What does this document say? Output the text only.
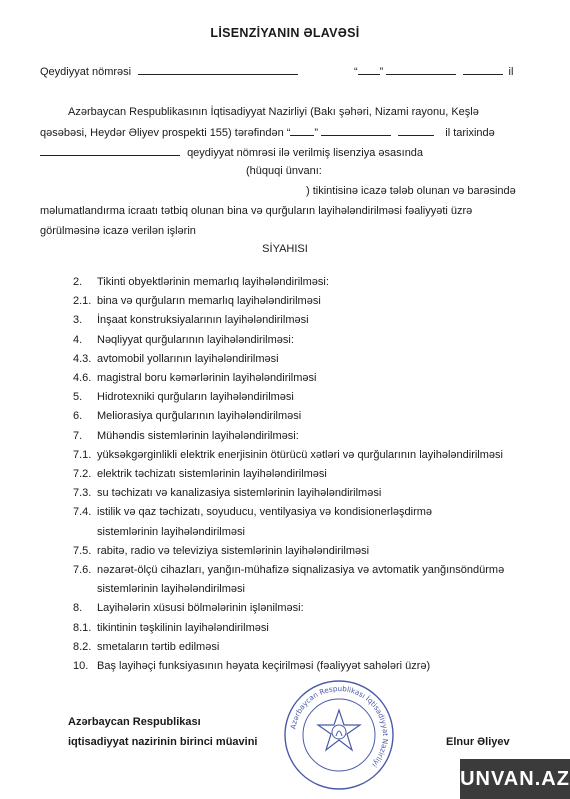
LİSENZİYANIN ƏLAVƏSİ
Qeydiyyat nömrəsi	“ ”	il
Azərbaycan Respublikasının İqtisadiyyat Nazirliyi (Bakı şəhəri, Nizami rayonu, Keşlə
qəsəbəsi, Heydər Əliyev prospekti 155) tərəfindən “ ”	il tarixində
qeydiyyat nömrəsi ilə verilmiş lisenziya əsasında
(hüquqi ünvanı:
) tikintisinə icazə tələb olunan və barəsində
məlumatlandırma icraatı tətbiq olunan bina və qurğuların layihələndirilməsi fəaliyyəti üzrə
görülməsinə icazə verilən işlərin
SİYAHISI
2. Tikinti obyektlərinin memarlıq layihələndirilməsi:
2.1. bina və qurğuların memarlıq layihələndirilməsi
3. İnşaat konstruksiyalarının layihələndirilməsi
4. Nəqliyyat qurğularının layihələndirilməsi:
4.3. avtomobil yollarının layihələndirilməsi
4.6. magistral boru kəmərlərinin layihələndirilməsi
5. Hidrotexniki qurğuların layihələndirilməsi
6. Meliorasiya qurğularının layihələndirilməsi
7. Mühəndis sistemlərinin layihələndirilməsi:
7.1. yüksəkgərginlikli elektrik enerjisinin ötürücü xətləri və qurğularının layihələndirilməsi
7.2. elektrik təchizatı sistemlərinin layihələndirilməsi
7.3. su təchizatı və kanalizasiya sistemlərinin layihələndirilməsi
7.4. istilik və qaz təchizatı, soyuducu, ventilyasiya və kondisionerləşdirmə
sistemlərinin layihələndirilməsi
7.5. rabitə, radio və televiziya sistemlərinin layihələndirilməsi
7.6. nəzarət-ölçü cihazları, yanğın-mühafizə siqnalizasiya və avtomatik yanğınsöndürmə
sistemlərinin layihələndirilməsi
8. Layihələrin xüsusi bölmələrinin işlənilməsi:
8.1. tikintinin təşkilinin layihələndirilməsi
8.2. smetaların tərtib edilməsi
10. Baş layihəçi funksiyasının həyata keçirilməsi (fəaliyyət sahələri üzrə)
Azərbaycan Respublikası
iqtisadiyyat nazirinin birinci müavini	Elnur Əliyev
Azərbaycan Respublikası İqtisadiyyat Nazirliyi
UNVAN.AZ
